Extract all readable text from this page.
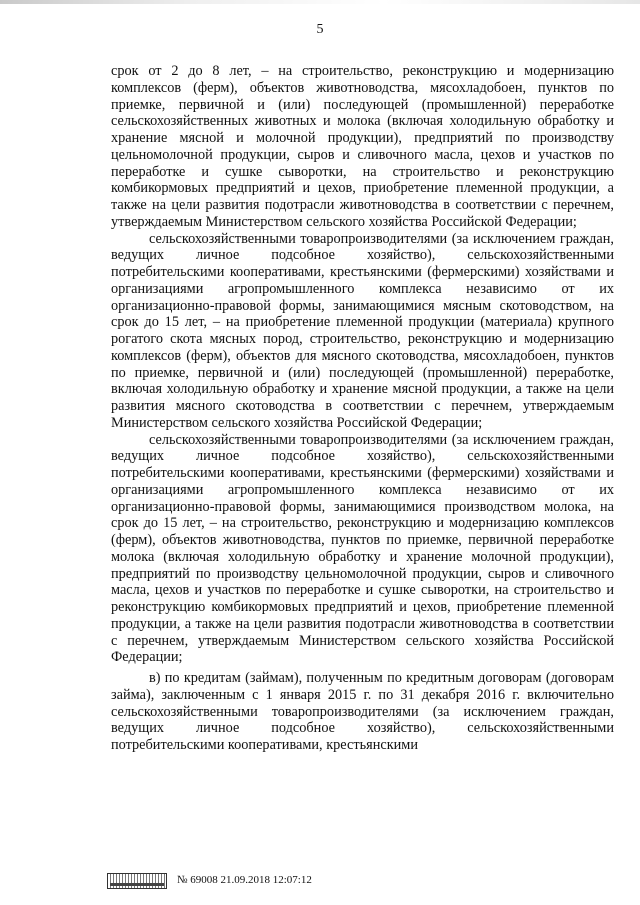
5

срок от 2 до 8 лет, – на строительство, реконструкцию и модернизацию комплексов (ферм), объектов животноводства, мясохладобоен, пунктов по приемке, первичной и (или) последующей (промышленной) переработке сельскохозяйственных животных и молока (включая холодильную обработку и хранение мясной и молочной продукции), предприятий по производству цельномолочной продукции, сыров и сливочного масла, цехов и участков по переработке и сушке сыворотки, на строительство и реконструкцию комбикормовых предприятий и цехов, приобретение племенной продукции, а также на цели развития подотрасли животноводства в соответствии с перечнем, утверждаемым Министерством сельского хозяйства Российской Федерации;

сельскохозяйственными товаропроизводителями (за исключением граждан, ведущих личное подсобное хозяйство), сельскохозяйственными потребительскими кооперативами, крестьянскими (фермерскими) хозяйствами и организациями агропромышленного комплекса независимо от их организационно-правовой формы, занимающимися мясным скотоводством, на срок до 15 лет, – на приобретение племенной продукции (материала) крупного рогатого скота мясных пород, строительство, реконструкцию и модернизацию комплексов (ферм), объектов для мясного скотоводства, мясохладобоен, пунктов по приемке, первичной и (или) последующей (промышленной) переработке, включая холодильную обработку и хранение мясной продукции, а также на цели развития мясного скотоводства в соответствии с перечнем, утверждаемым Министерством сельского хозяйства Российской Федерации;

сельскохозяйственными товаропроизводителями (за исключением граждан, ведущих личное подсобное хозяйство), сельскохозяйственными потребительскими кооперативами, крестьянскими (фермерскими) хозяйствами и организациями агропромышленного комплекса независимо от их организационно-правовой формы, занимающимися производством молока, на срок до 15 лет, – на строительство, реконструкцию и модернизацию комплексов (ферм), объектов животноводства, пунктов по приемке, первичной переработке молока (включая холодильную обработку и хранение молочной продукции), предприятий по производству цельномолочной продукции, сыров и сливочного масла, цехов и участков по переработке и сушке сыворотки, на строительство и реконструкцию комбикормовых предприятий и цехов, приобретение племенной продукции, а также на цели развития подотрасли животноводства в соответствии с перечнем, утверждаемым Министерством сельского хозяйства Российской Федерации;

в) по кредитам (займам), полученным по кредитным договорам (договорам займа), заключенным с 1 января 2015 г. по 31 декабря 2016 г. включительно сельскохозяйственными товаропроизводителями (за исключением граждан, ведущих личное подсобное хозяйство), сельскохозяйственными потребительскими кооперативами, крестьянскими

№ 69008 21.09.2018 12:07:12
